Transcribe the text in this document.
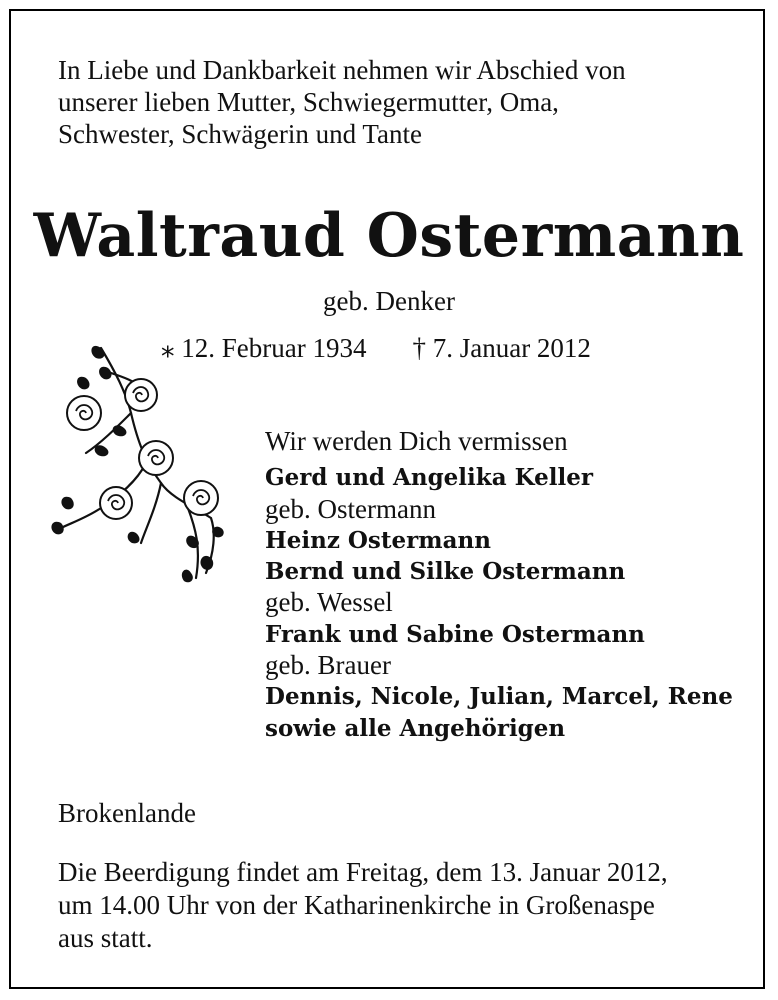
In Liebe und Dankbarkeit nehmen wir Abschied von
unserer lieben Mutter, Schwiegermutter, Oma,
Schwester, Schwägerin und Tante
Waltraud Ostermann
geb. Denker
⁎ 12. Februar 1934 † 7. Januar 2012
Wir werden Dich vermissen
Gerd und Angelika Keller
geb. Ostermann
Heinz Ostermann
Bernd und Silke Ostermann
geb. Wessel
Frank und Sabine Ostermann
geb. Brauer
Dennis, Nicole, Julian, Marcel, Rene
sowie alle Angehörigen
Brokenlande
Die Beerdigung findet am Freitag, dem 13. Januar 2012,
um 14.00 Uhr von der Katharinenkirche in Großenaspe
aus statt.
